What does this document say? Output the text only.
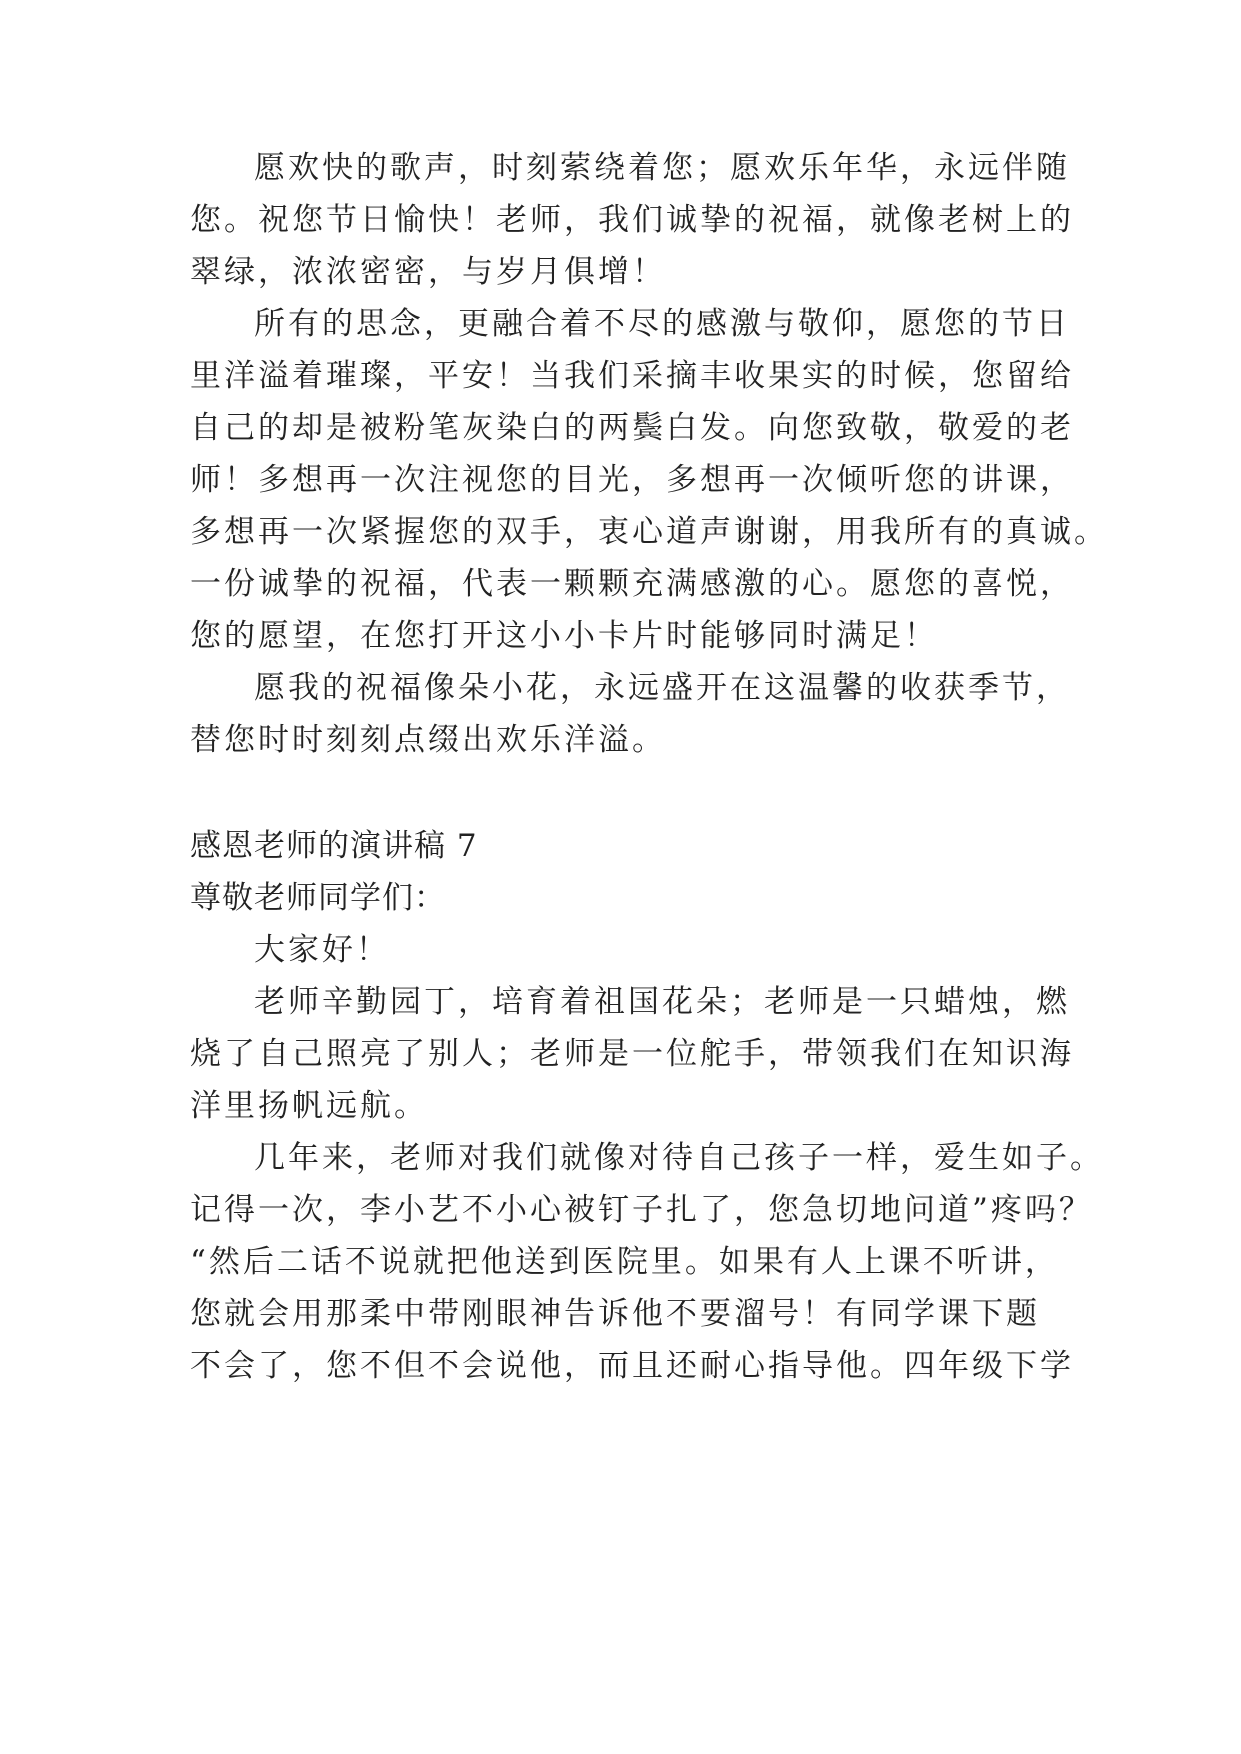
愿欢快的歌声，时刻萦绕着您；愿欢乐年华，永远伴随
您。祝您节日愉快！老师，我们诚挚的祝福，就像老树上的
翠绿，浓浓密密，与岁月俱增！
所有的思念，更融合着不尽的感激与敬仰，愿您的节日
里洋溢着璀璨，平安！当我们采摘丰收果实的时候，您留给
自己的却是被粉笔灰染白的两鬓白发。向您致敬，敬爱的老
师！多想再一次注视您的目光，多想再一次倾听您的讲课，
多想再一次紧握您的双手，衷心道声谢谢，用我所有的真诚。
一份诚挚的祝福，代表一颗颗充满感激的心。愿您的喜悦，
您的愿望，在您打开这小小卡片时能够同时满足！
愿我的祝福像朵小花，永远盛开在这温馨的收获季节，
替您时时刻刻点缀出欢乐洋溢。
感恩老师的演讲稿 7
尊敬老师同学们：
大家好！
老师辛勤园丁，培育着祖国花朵；老师是一只蜡烛，燃
烧了自己照亮了别人；老师是一位舵手，带领我们在知识海
洋里扬帆远航。
几年来，老师对我们就像对待自己孩子一样，爱生如子。
记得一次，李小艺不小心被钉子扎了，您急切地问道”疼吗？
“然后二话不说就把他送到医院里。如果有人上课不听讲，
您就会用那柔中带刚眼神告诉他不要溜号！有同学课下题
不会了，您不但不会说他，而且还耐心指导他。四年级下学
